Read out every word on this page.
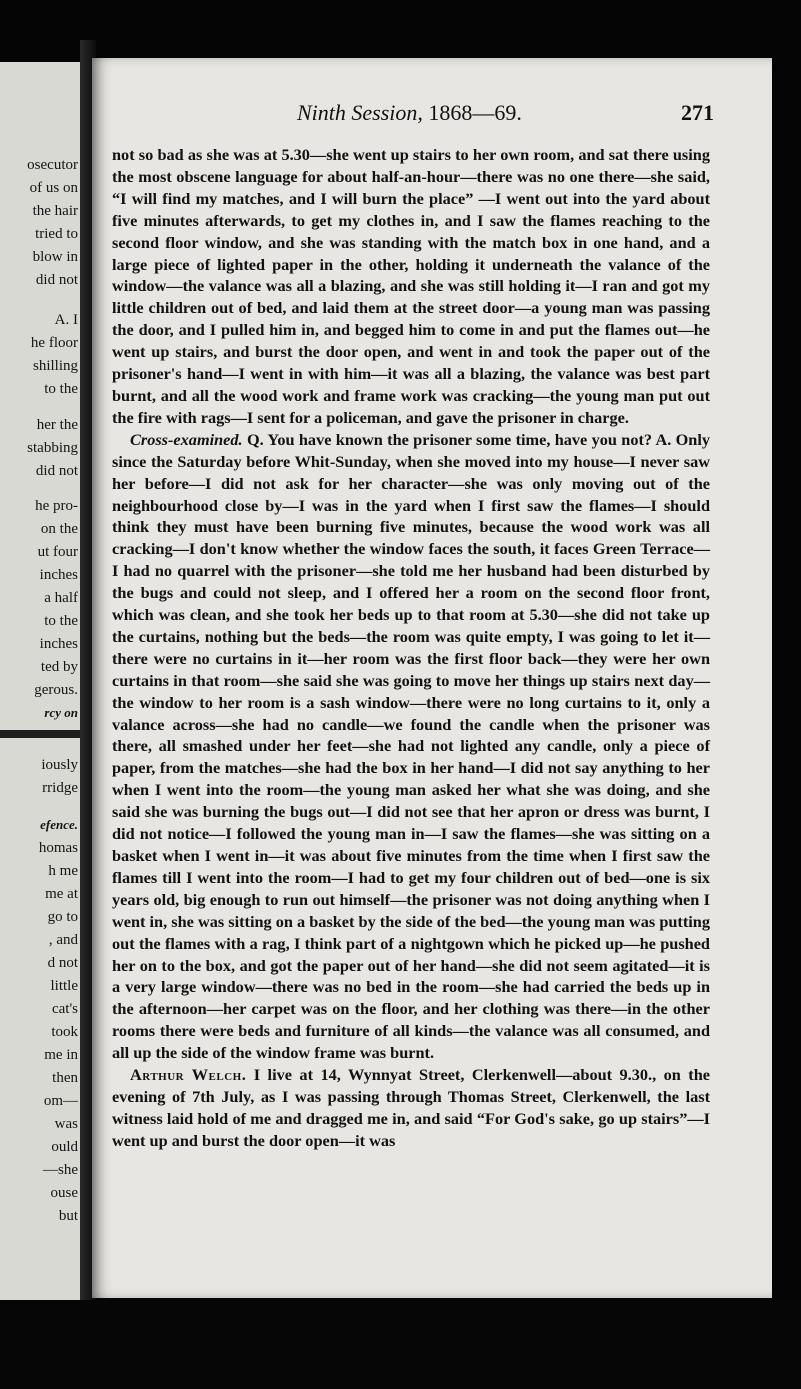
osecutor
of us on
the hair
tried to
blow in
did not
A. I
he floor
shilling
to the
her the
stabbing
did not
he pro-
on the
ut four
inches
a half
to the
inches
ted by
gerous.
rcy on
iously
rridge
efence.
homas
h me
me at
go to
, and
d not
little
cat's
took
me in
then
om—
was
ould
—she
ouse
but
Ninth Session, 1868—69.	271

not so bad as she was at 5.30—she went up stairs to her own room, and sat there using the most obscene language for about half-an-hour—there was no one there—she said, “I will find my matches, and I will burn the place” —I went out into the yard about five minutes afterwards, to get my clothes in, and I saw the flames reaching to the second floor window, and she was standing with the match box in one hand, and a large piece of lighted paper in the other, holding it underneath the valance of the window—the valance was all a blazing, and she was still holding it—I ran and got my little children out of bed, and laid them at the street door—a young man was passing the door, and I pulled him in, and begged him to come in and put the flames out—he went up stairs, and burst the door open, and went in and took the paper out of the prisoner's hand—I went in with him—it was all a blazing, the valance was best part burnt, and all the wood work and frame work was cracking—the young man put out the fire with rags—I sent for a policeman, and gave the prisoner in charge.

Cross-examined. Q. You have known the prisoner some time, have you not? A. Only since the Saturday before Whit-Sunday, when she moved into my house—I never saw her before—I did not ask for her character—she was only moving out of the neighbourhood close by—I was in the yard when I first saw the flames—I should think they must have been burning five minutes, because the wood work was all cracking—I don't know whether the window faces the south, it faces Green Terrace—I had no quarrel with the prisoner—she told me her husband had been disturbed by the bugs and could not sleep, and I offered her a room on the second floor front, which was clean, and she took her beds up to that room at 5.30—she did not take up the curtains, nothing but the beds—the room was quite empty, I was going to let it—there were no curtains in it—her room was the first floor back—they were her own curtains in that room—she said she was going to move her things up stairs next day—the window to her room is a sash window—there were no long curtains to it, only a valance across—she had no candle—we found the candle when the prisoner was there, all smashed under her feet—she had not lighted any candle, only a piece of paper, from the matches—she had the box in her hand—I did not say anything to her when I went into the room—the young man asked her what she was doing, and she said she was burning the bugs out—I did not see that her apron or dress was burnt, I did not notice—I followed the young man in—I saw the flames—she was sitting on a basket when I went in—it was about five minutes from the time when I first saw the flames till I went into the room—I had to get my four children out of bed—one is six years old, big enough to run out himself—the prisoner was not doing anything when I went in, she was sitting on a basket by the side of the bed—the young man was putting out the flames with a rag, I think part of a nightgown which he picked up—he pushed her on to the box, and got the paper out of her hand—she did not seem agitated—it is a very large window—there was no bed in the room—she had carried the beds up in the afternoon—her carpet was on the floor, and her clothing was there—in the other rooms there were beds and furniture of all kinds—the valance was all consumed, and all up the side of the window frame was burnt.

Arthur Welch. I live at 14, Wynnyat Street, Clerkenwell—about 9.30., on the evening of 7th July, as I was passing through Thomas Street, Clerkenwell, the last witness laid hold of me and dragged me in, and said “For God's sake, go up stairs”—I went up and burst the door open—it was
